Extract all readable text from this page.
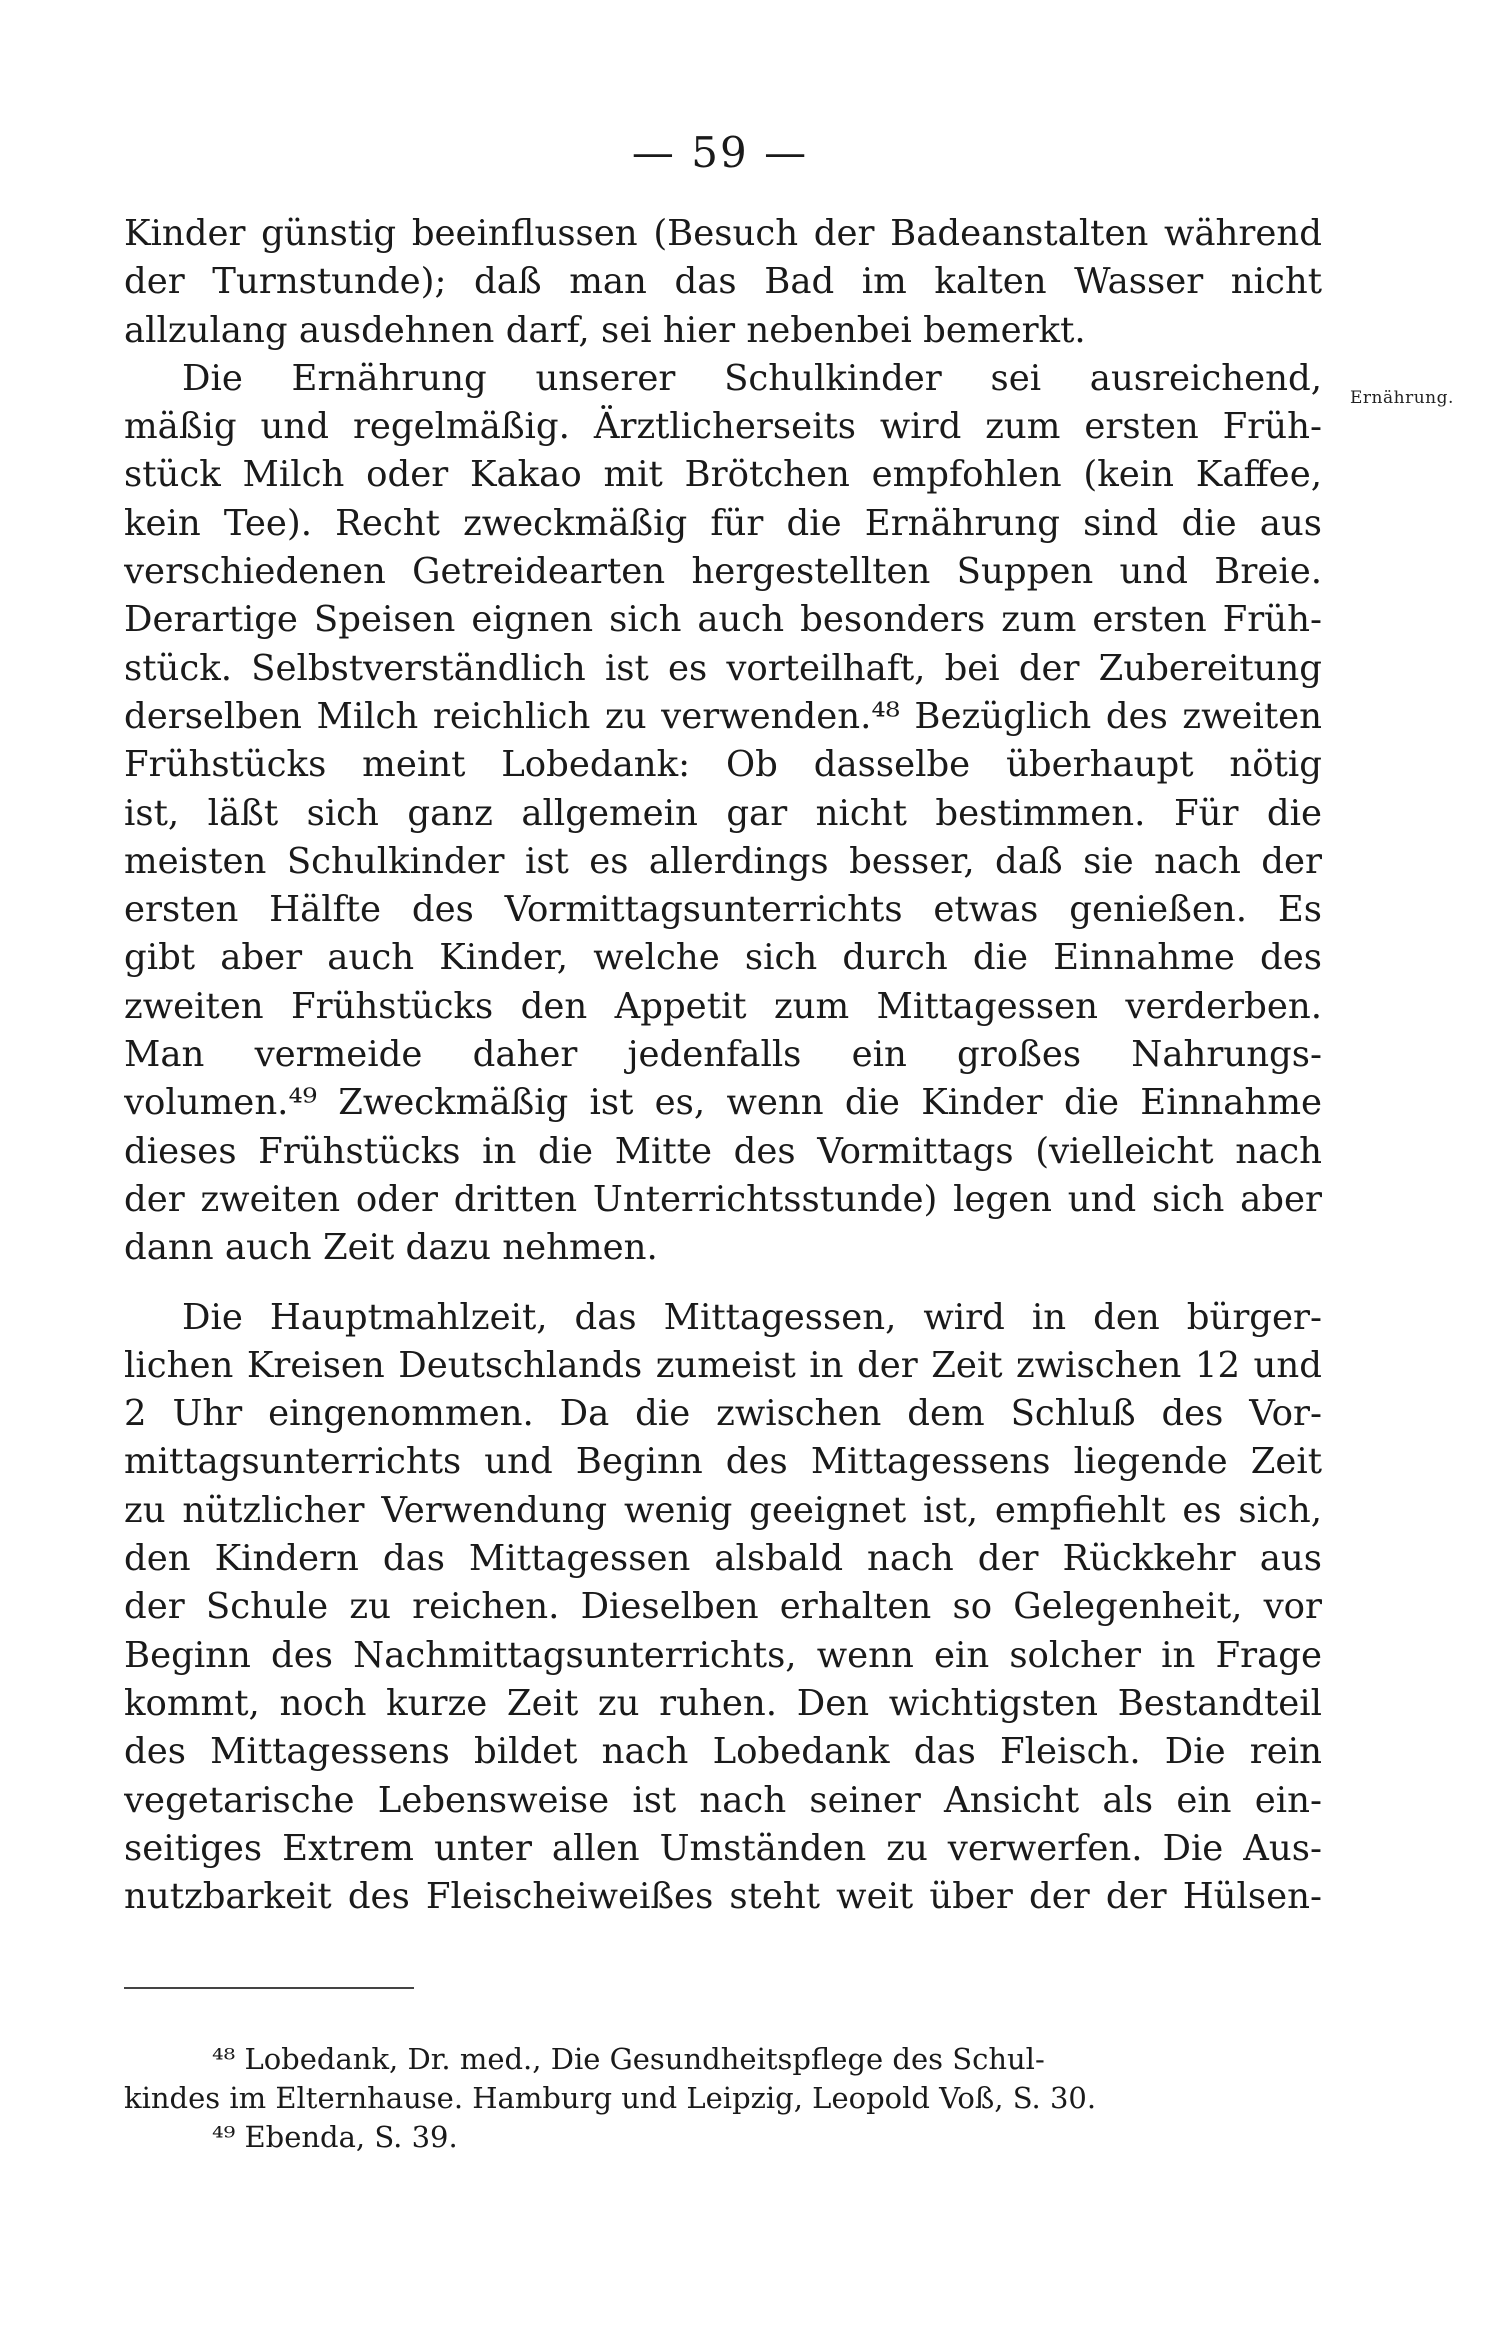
— 59 —
Ernährung.
Kinder günstig beeinflussen (Besuch der Badeanstalten während
der Turnstunde); daß man das Bad im kalten Wasser nicht
allzulang ausdehnen darf, sei hier nebenbei bemerkt.
Die Ernährung unserer Schulkinder sei ausreichend,
mäßig und regelmäßig. Ärztlicherseits wird zum ersten Früh-
stück Milch oder Kakao mit Brötchen empfohlen (kein Kaffee,
kein Tee). Recht zweckmäßig für die Ernährung sind die aus
verschiedenen Getreidearten hergestellten Suppen und Breie.
Derartige Speisen eignen sich auch besonders zum ersten Früh-
stück. Selbstverständlich ist es vorteilhaft, bei der Zubereitung
derselben Milch reichlich zu verwenden.⁴⁸ Bezüglich des zweiten
Frühstücks meint Lobedank: Ob dasselbe überhaupt nötig
ist, läßt sich ganz allgemein gar nicht bestimmen. Für die
meisten Schulkinder ist es allerdings besser, daß sie nach der
ersten Hälfte des Vormittagsunterrichts etwas genießen. Es
gibt aber auch Kinder, welche sich durch die Einnahme des
zweiten Frühstücks den Appetit zum Mittagessen verderben.
Man vermeide daher jedenfalls ein großes Nahrungs-
volumen.⁴⁹ Zweckmäßig ist es, wenn die Kinder die Einnahme
dieses Frühstücks in die Mitte des Vormittags (vielleicht nach
der zweiten oder dritten Unterrichtsstunde) legen und sich aber
dann auch Zeit dazu nehmen.
Die Hauptmahlzeit, das Mittagessen, wird in den bürger-
lichen Kreisen Deutschlands zumeist in der Zeit zwischen 12 und
2 Uhr eingenommen. Da die zwischen dem Schluß des Vor-
mittagsunterrichts und Beginn des Mittagessens liegende Zeit
zu nützlicher Verwendung wenig geeignet ist, empfiehlt es sich,
den Kindern das Mittagessen alsbald nach der Rückkehr aus
der Schule zu reichen. Dieselben erhalten so Gelegenheit, vor
Beginn des Nachmittagsunterrichts, wenn ein solcher in Frage
kommt, noch kurze Zeit zu ruhen. Den wichtigsten Bestandteil
des Mittagessens bildet nach Lobedank das Fleisch. Die rein
vegetarische Lebensweise ist nach seiner Ansicht als ein ein-
seitiges Extrem unter allen Umständen zu verwerfen. Die Aus-
nutzbarkeit des Fleischeiweißes steht weit über der der Hülsen-
⁴⁸ Lobedank, Dr. med., Die Gesundheitspflege des Schul-
kindes im Elternhause. Hamburg und Leipzig, Leopold Voß, S. 30.
⁴⁹ Ebenda, S. 39.
